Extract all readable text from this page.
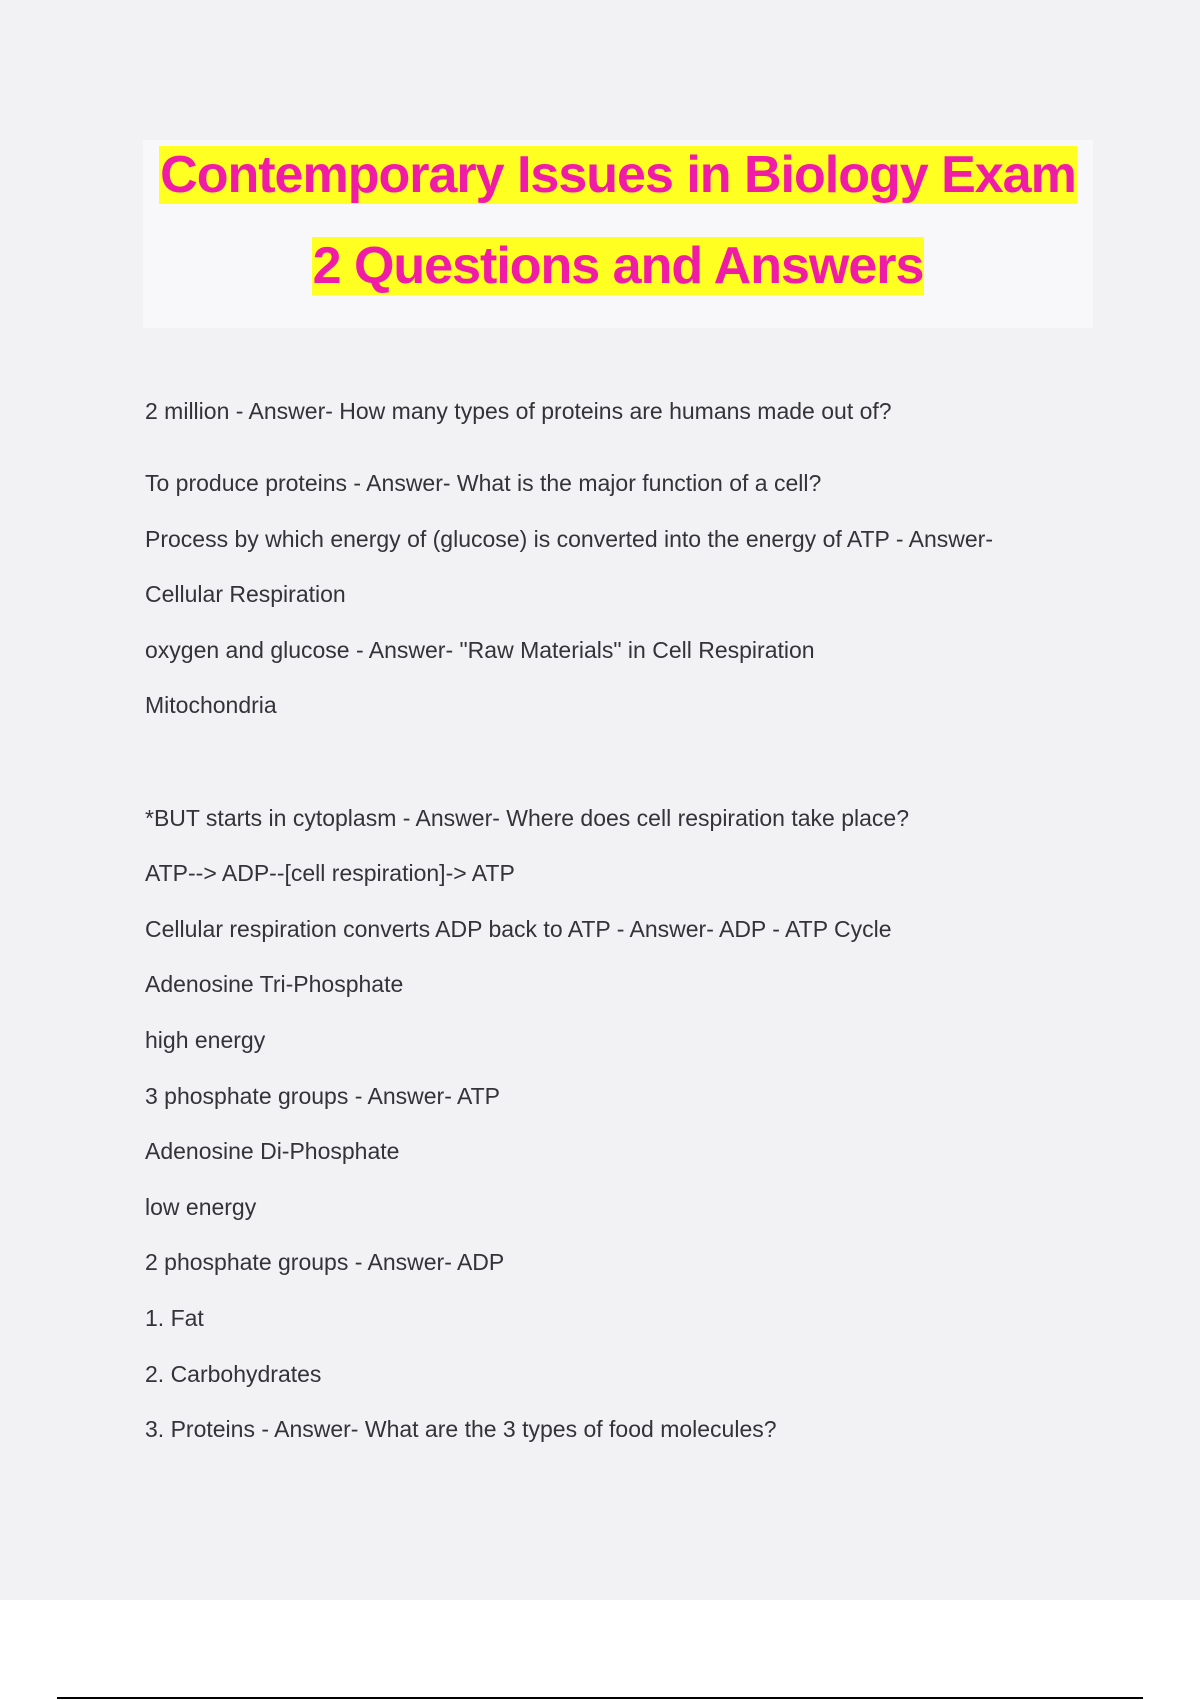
Contemporary Issues in Biology Exam
2 Questions and Answers
2 million - Answer- How many types of proteins are humans made out of?
To produce proteins - Answer- What is the major function of a cell?
Process by which energy of (glucose) is converted into the energy of ATP - Answer-
Cellular Respiration
oxygen and glucose - Answer- "Raw Materials" in Cell Respiration
Mitochondria
*BUT starts in cytoplasm - Answer- Where does cell respiration take place?
ATP--> ADP--[cell respiration]-> ATP
Cellular respiration converts ADP back to ATP - Answer- ADP - ATP Cycle
Adenosine Tri-Phosphate
high energy
3 phosphate groups - Answer- ATP
Adenosine Di-Phosphate
low energy
2 phosphate groups - Answer- ADP
1. Fat
2. Carbohydrates
3. Proteins - Answer- What are the 3 types of food molecules?
